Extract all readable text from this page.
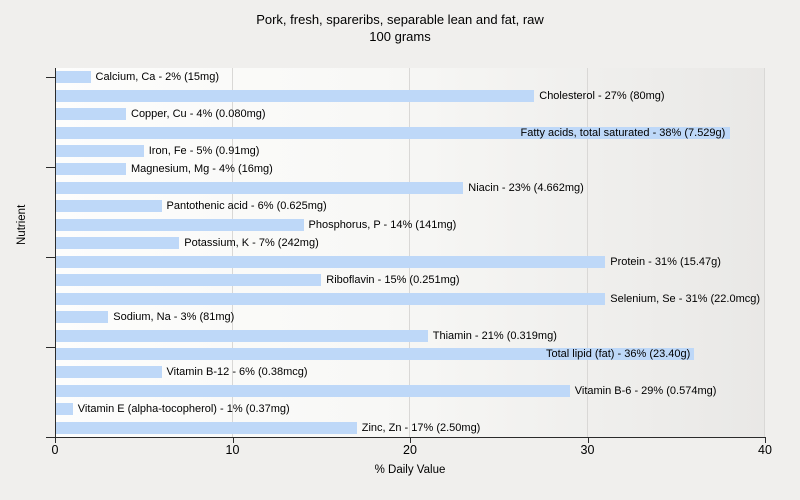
Pork, fresh, spareribs, separable lean and fat, raw
100 grams
Calcium, Ca - 2% (15mg)
Cholesterol - 27% (80mg)
Copper, Cu - 4% (0.080mg)
Fatty acids, total saturated - 38% (7.529g)
Iron, Fe - 5% (0.91mg)
Magnesium, Mg - 4% (16mg)
Niacin - 23% (4.662mg)
Pantothenic acid - 6% (0.625mg)
Phosphorus, P - 14% (141mg)
Potassium, K - 7% (242mg)
Protein - 31% (15.47g)
Riboflavin - 15% (0.251mg)
Selenium, Se - 31% (22.0mcg)
Sodium, Na - 3% (81mg)
Thiamin - 21% (0.319mg)
Total lipid (fat) - 36% (23.40g)
Vitamin B-12 - 6% (0.38mcg)
Vitamin B-6 - 29% (0.574mg)
Vitamin E (alpha-tocopherol) - 1% (0.37mg)
Zinc, Zn - 17% (2.50mg)
0	10	20	30	40
% Daily Value
Nutrient
